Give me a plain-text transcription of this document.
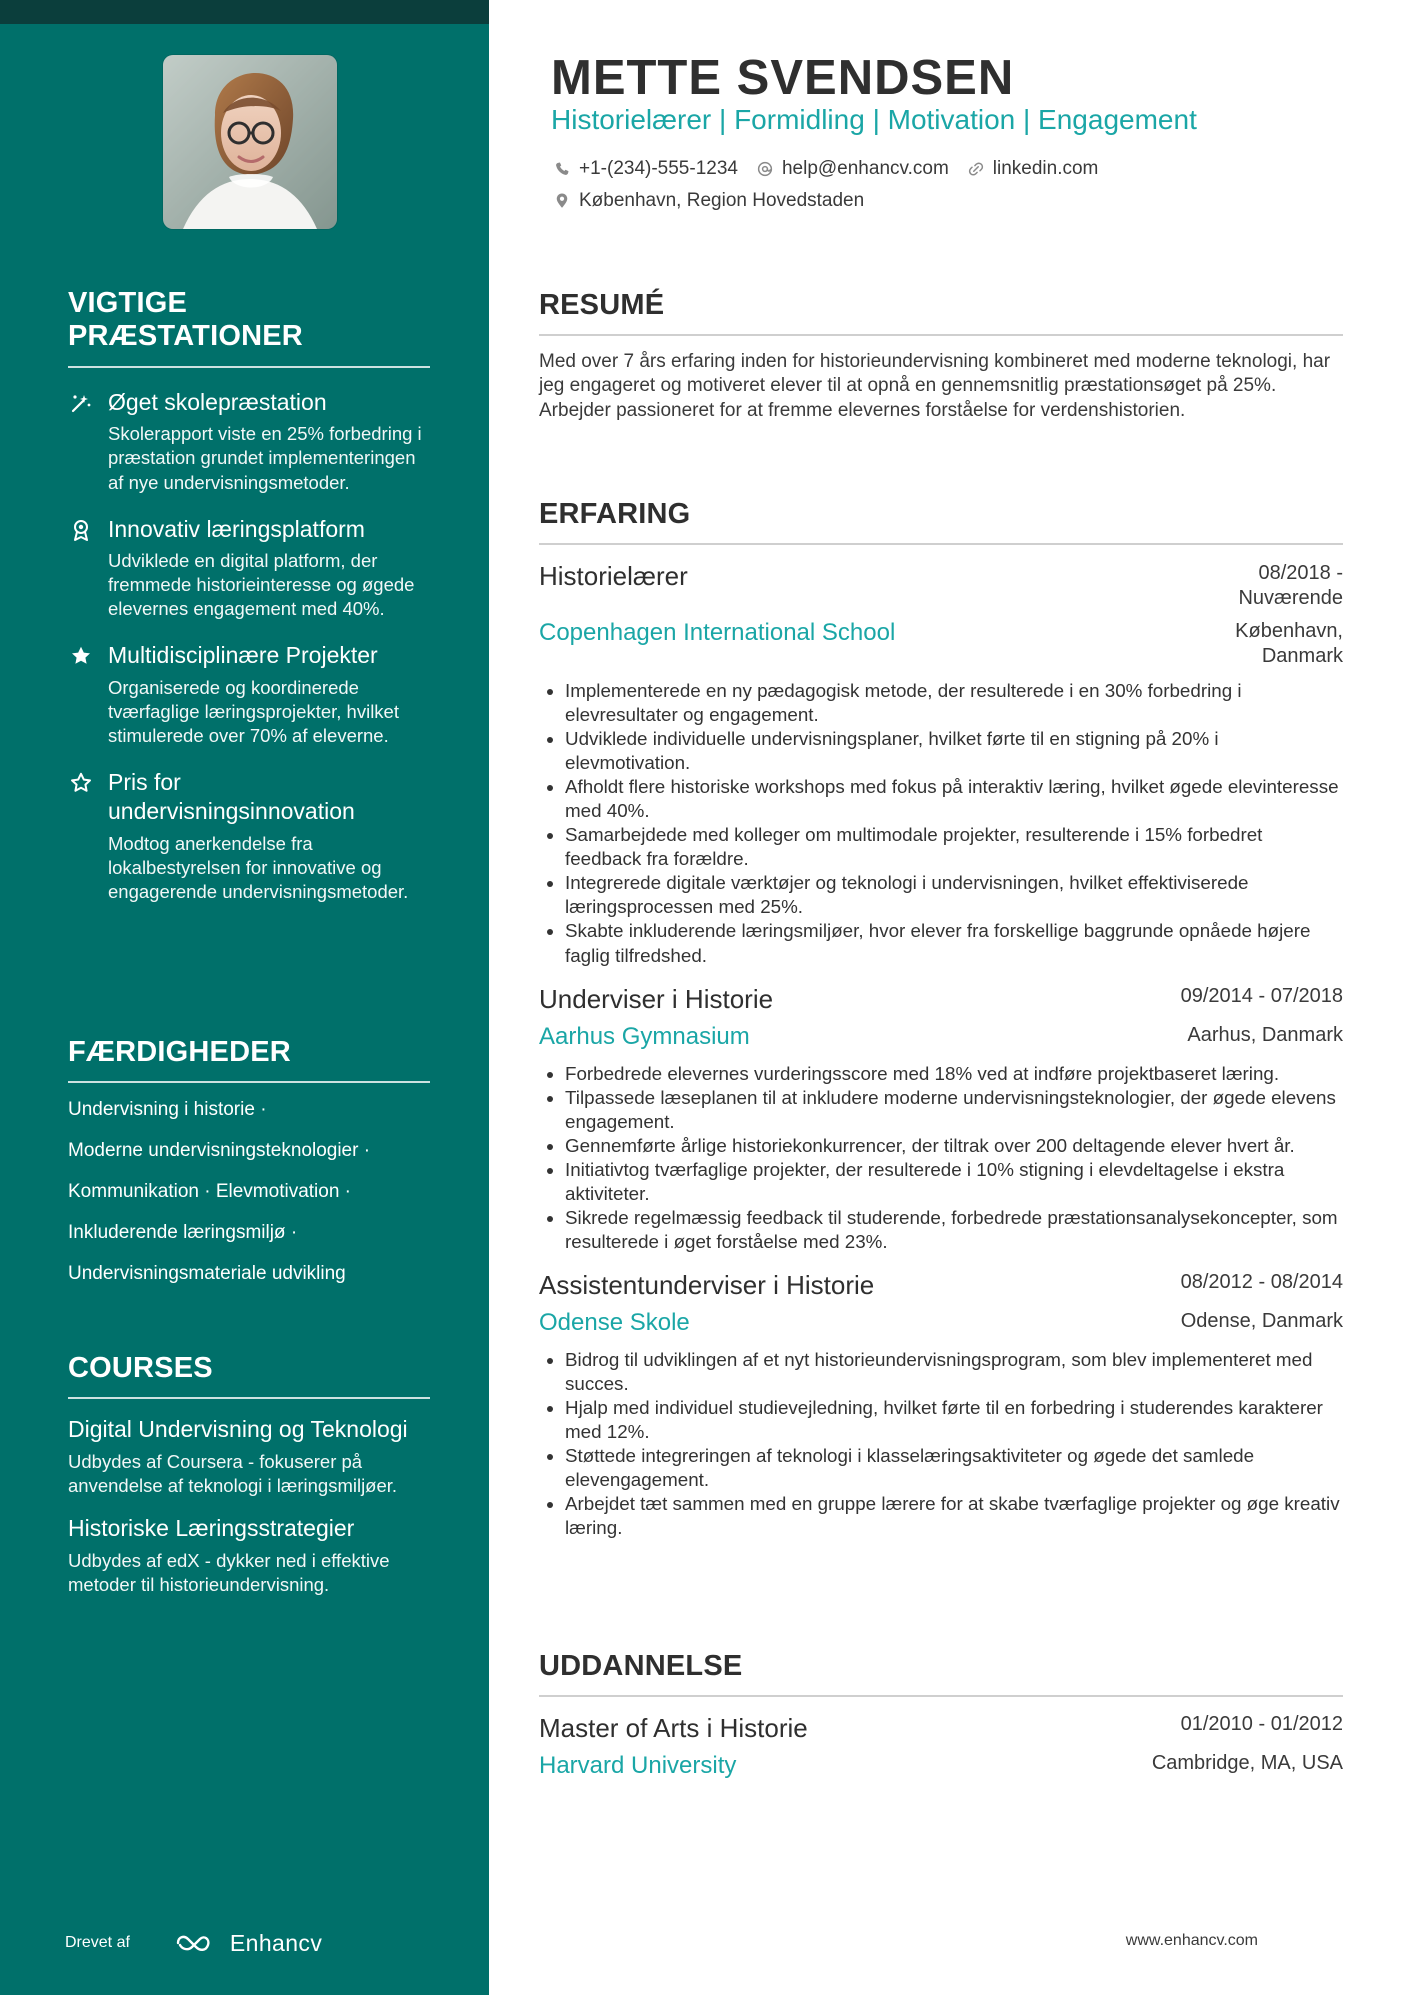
VIGTIGE PRÆSTATIONER

Øget skolepræstation

Skolerapport viste en 25% forbedring i præstation grundet implementeringen af nye undervisningsmetoder.

Innovativ læringsplatform

Udviklede en digital platform, der fremmede historieinteresse og øgede elevernes engagement med 40%.

Multidisciplinære Projekter

Organiserede og koordinerede tværfaglige læringsprojekter, hvilket stimulerede over 70% af eleverne.

Pris for undervisningsinnovation

Modtog anerkendelse fra lokalbestyrelsen for innovative og engagerende undervisningsmetoder.

FÆRDIGHEDER

Undervisning i historie ·

Moderne undervisningsteknologier ·

Kommunikation · Elevmotivation ·

Inkluderende læringsmiljø ·

Undervisningsmateriale udvikling

COURSES

Digital Undervisning og Teknologi

Udbydes af Coursera - fokuserer på anvendelse af teknologi i læringsmiljøer.

Historiske Læringsstrategier

Udbydes af edX - dykker ned i effektive metoder til historieundervisning.

Drevet af	Enhancv
METTE SVENDSEN

Historielærer | Formidling | Motivation | Engagement

+1-(234)-555-1234 help@enhancv.com linkedin.com
København, Region Hovedstaden
RESUMÉ

Med over 7 års erfaring inden for historieundervisning kombineret med moderne teknologi, har jeg engageret og motiveret elever til at opnå en gennemsnitlig præstationsøget på 25%. Arbejder passioneret for at fremme elevernes forståelse for verdenshistorien.

ERFARING

Historielærer	08/2018 -
Nuværende

Copenhagen International School	København,
Danmark

• Implementerede en ny pædagogisk metode, der resulterede i en 30% forbedring i elevresultater og engagement.
• Udviklede individuelle undervisningsplaner, hvilket førte til en stigning på 20% i elevmotivation.
• Afholdt flere historiske workshops med fokus på interaktiv læring, hvilket øgede elevinteresse med 40%.
• Samarbejdede med kolleger om multimodale projekter, resulterende i 15% forbedret feedback fra forældre.
• Integrerede digitale værktøjer og teknologi i undervisningen, hvilket effektiviserede læringsprocessen med 25%.
• Skabte inkluderende læringsmiljøer, hvor elever fra forskellige baggrunde opnåede højere faglig tilfredshed.

Underviser i Historie	09/2014 - 07/2018

Aarhus Gymnasium	Aarhus, Danmark

• Forbedrede elevernes vurderingsscore med 18% ved at indføre projektbaseret læring.
• Tilpassede læseplanen til at inkludere moderne undervisningsteknologier, der øgede elevens engagement.
• Gennemførte årlige historiekonkurrencer, der tiltrak over 200 deltagende elever hvert år.
• Initiativtog tværfaglige projekter, der resulterede i 10% stigning i elevdeltagelse i ekstra aktiviteter.
• Sikrede regelmæssig feedback til studerende, forbedrede præstationsanalysekoncepter, som resulterede i øget forståelse med 23%.

Assistentunderviser i Historie	08/2012 - 08/2014

Odense Skole	Odense, Danmark

• Bidrog til udviklingen af et nyt historieundervisningsprogram, som blev implementeret med succes.
• Hjalp med individuel studievejledning, hvilket førte til en forbedring i studerendes karakterer med 12%.
• Støttede integreringen af teknologi i klasselæringsaktiviteter og øgede det samlede elevengagement.
• Arbejdet tæt sammen med en gruppe lærere for at skabe tværfaglige projekter og øge kreativ læring.
UDDANNELSE

Master of Arts i Historie	01/2010 - 01/2012

Harvard University	Cambridge, MA, USA

www.enhancv.com
